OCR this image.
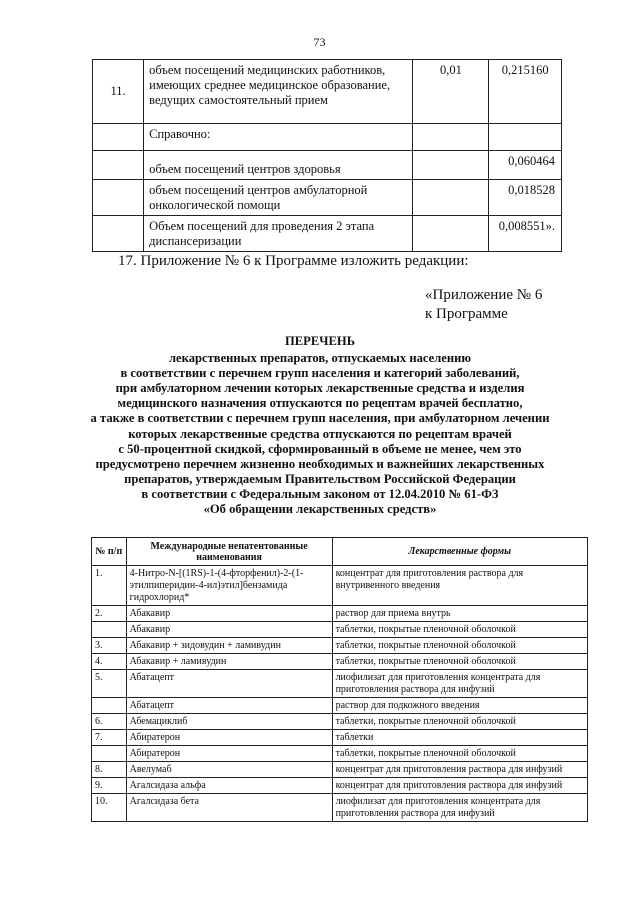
73
11.	объем посещений медицинских работников, имеющих среднее медицинское образование, ведущих самостоятельный прием	0,01	0,215160
	Справочно:		
	объем посещений центров здоровья		0,060464
	объем посещений центров амбулаторной онкологической помощи		0,018528
	Объем посещений для проведения 2 этапа диспансеризации		0,008551».
17. Приложение № 6 к Программе изложить редакции:
«Приложение № 6
к Программе
ПЕРЕЧЕНЬ
лекарственных препаратов, отпускаемых населению
в соответствии с перечнем групп населения и категорий заболеваний,
при амбулаторном лечении которых лекарственные средства и изделия
медицинского назначения отпускаются по рецептам врачей бесплатно,
а также в соответствии с перечнем групп населения, при амбулаторном лечении
которых лекарственные средства отпускаются по рецептам врачей
с 50-процентной скидкой, сформированный в объеме не менее, чем это
предусмотрено перечнем жизненно необходимых и важнейших лекарственных
препаратов, утверждаемым Правительством Российской Федерации
в соответствии с Федеральным законом от 12.04.2010 № 61-ФЗ
«Об обращении лекарственных средств»
№ п/п	Международные непатентованные наименования	Лекарственные формы
1.	4-Нитро-N-[(1RS)-1-(4-фторфенил)-2-(1-этилпиперидин-4-ил)этил]бензамида гидрохлорид*	концентрат для приготовления раствора для внутривенного введения
2.	Абакавир	раствор для приема внутрь
	Абакавир	таблетки, покрытые пленочной оболочкой
3.	Абакавир + зидовудин + ламивудин	таблетки, покрытые пленочной оболочкой
4.	Абакавир + ламивудин	таблетки, покрытые пленочной оболочкой
5.	Абатацепт	лиофилизат для приготовления концентрата для приготовления раствора для инфузий
	Абатацепт	раствор для подкожного введения
6.	Абемациклиб	таблетки, покрытые пленочной оболочкой
7.	Абиратерон	таблетки
	Абиратерон	таблетки, покрытые пленочной оболочкой
8.	Авелумаб	концентрат для приготовления раствора для инфузий
9.	Агалсидаза альфа	концентрат для приготовления раствора для инфузий
10.	Агалсидаза бета	лиофилизат для приготовления концентрата для приготовления раствора для инфузий
